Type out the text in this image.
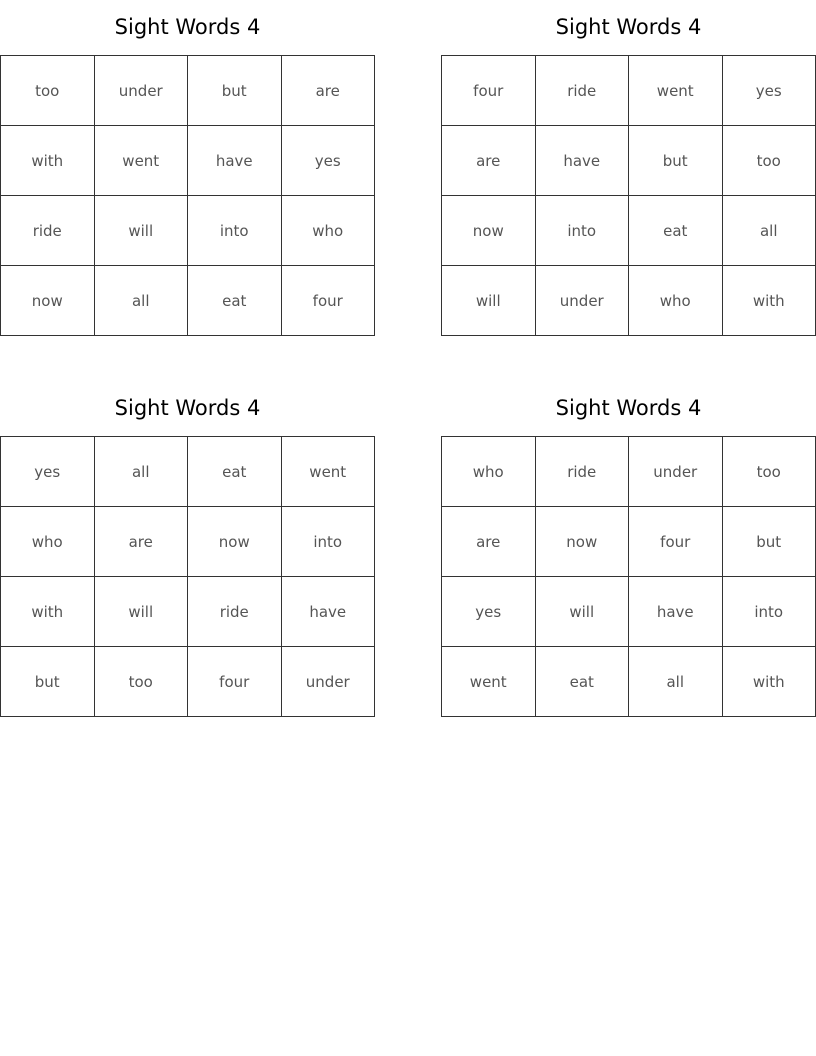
Sight Words 4
too	under	but	are
with	went	have	yes
ride	will	into	who
now	all	eat	four
Sight Words 4
four	ride	went	yes
are	have	but	too
now	into	eat	all
will	under	who	with
Sight Words 4
yes	all	eat	went
who	are	now	into
with	will	ride	have
but	too	four	under
Sight Words 4
who	ride	under	too
are	now	four	but
yes	will	have	into
went	eat	all	with
